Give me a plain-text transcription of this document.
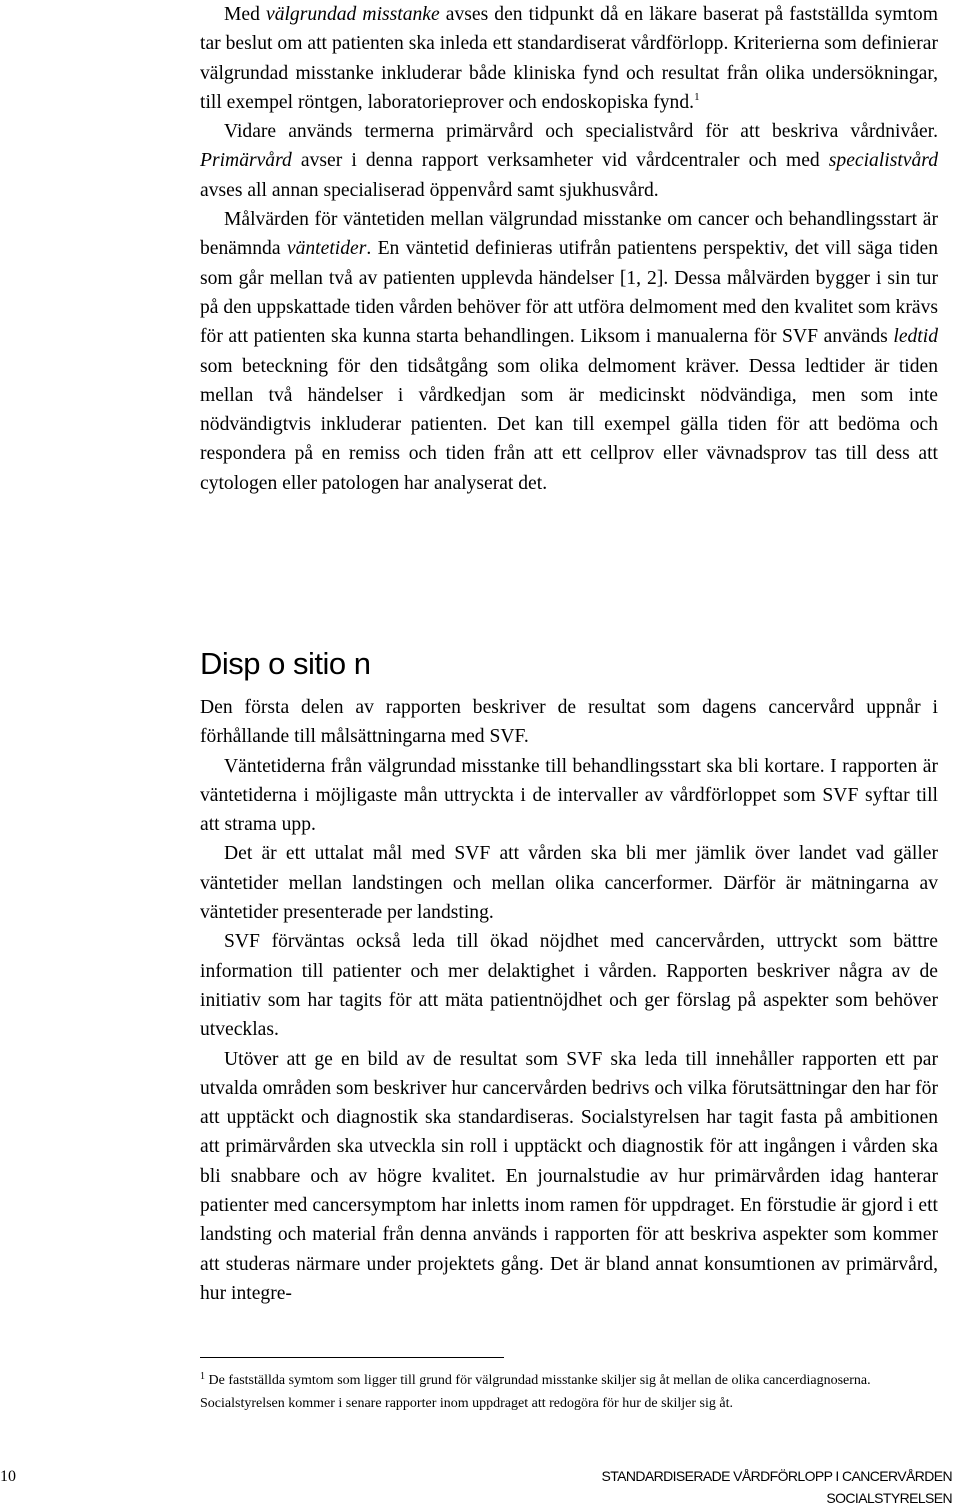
Med välgrundad misstanke avses den tidpunkt då en läkare baserat på fastställda symtom tar beslut om att patienten ska inleda ett standardiserat vårdförlopp. Kriterierna som definierar välgrundad misstanke inkluderar både kliniska fynd och resultat från olika undersökningar, till exempel röntgen, laboratorieprover och endoskopiska fynd.$^1$

Vidare används termerna primärvård och specialistvård för att beskriva vårdnivåer. Primärvård avser i denna rapport verksamheter vid vårdcentraler och med specialistvård avses all annan specialiserad öppenvård samt sjukhusvård.

Målvärden för väntetiden mellan välgrundad misstanke om cancer och behandlingsstart är benämnda väntetider. En väntetid definieras utifrån patientens perspektiv, det vill säga tiden som går mellan två av patienten upplevda händelser [1, 2]. Dessa målvärden bygger i sin tur på den uppskattade tiden vården behöver för att utföra delmoment med den kvalitet som krävs för att patienten ska kunna starta behandlingen. Liksom i manualerna för SVF används ledtid som beteckning för den tidsåtgång som olika delmoment kräver. Dessa ledtider är tiden mellan två händelser i vårdkedjan som är medicinskt nödvändiga, men som inte nödvändigtvis inkluderar patienten. Det kan till exempel gälla tiden för att bedöma och respondera på en remiss och tiden från att ett cellprov eller vävnadsprov tas till dess att cytologen eller patologen har analyserat det.

Disp o sitio n

Den första delen av rapporten beskriver de resultat som dagens cancervård uppnår i förhållande till målsättningarna med SVF.

Väntetiderna från välgrundad misstanke till behandlingsstart ska bli kortare. I rapporten är väntetiderna i möjligaste mån uttryckta i de intervaller av vårdförloppet som SVF syftar till att strama upp.

Det är ett uttalat mål med SVF att vården ska bli mer jämlik över landet vad gäller väntetider mellan landstingen och mellan olika cancerformer. Därför är mätningarna av väntetider presenterade per landsting.

SVF förväntas också leda till ökad nöjdhet med cancervården, uttryckt som bättre information till patienter och mer delaktighet i vården. Rapporten beskriver några av de initiativ som har tagits för att mäta patientnöjdhet och ger förslag på aspekter som behöver utvecklas.

Utöver att ge en bild av de resultat som SVF ska leda till innehåller rapporten ett par utvalda områden som beskriver hur cancervården bedrivs och vilka förutsättningar den har för att upptäckt och diagnostik ska standardiseras. Socialstyrelsen har tagit fasta på ambitionen att primärvården ska utveckla sin roll i upptäckt och diagnostik för att ingången i vården ska bli snabbare och av högre kvalitet. En journalstudie av hur primärvården idag hanterar patienter med cancersymptom har inletts inom ramen för uppdraget. En förstudie är gjord i ett landsting och material från denna används i rapporten för att beskriva aspekter som kommer att studeras närmare under projektets gång. Det är bland annat konsumtionen av primärvård, hur integre-

$^1$ De fastställda symtom som ligger till grund för välgrundad misstanke skiljer sig åt mellan de olika cancerdiagnoserna. Socialstyrelsen kommer i senare rapporter inom uppdraget att redogöra för hur de skiljer sig åt.

10	STANDARDISERADE VÅRDFÖRLOPP I CANCERVÅRDEN
SOCIALSTYRELSEN
